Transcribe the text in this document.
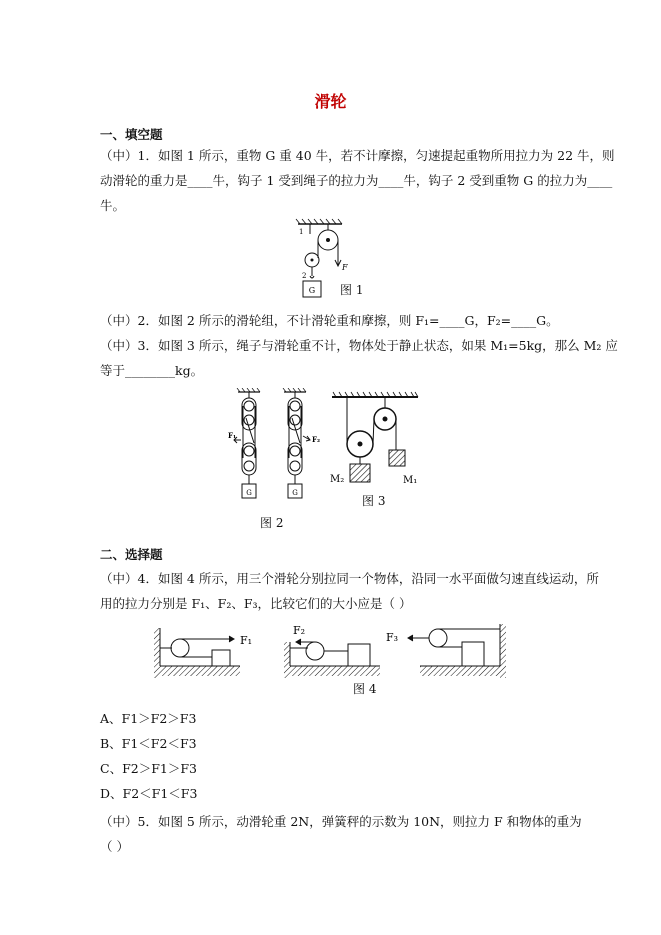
滑轮
一、填空题
（中）1．如图 1 所示，重物 G 重 40 牛，若不计摩擦，匀速提起重物所用拉力为 22 牛，则
动滑轮的重力是____牛，钩子 1 受到绳子的拉力为____牛，钩子 2 受到重物 G 的拉力为____
牛。
G
1
2
F
图 1
（中）2．如图 2 所示的滑轮组，不计滑轮重和摩擦，则 F₁=____G，F₂=____G。
（中）3．如图 3 所示，绳子与滑轮重不计，物体处于静止状态，如果 M₁=5kg，那么 M₂ 应
等于________kg。
G
F₁
G
F₂
图 2
M₂	M₁
图 3
二、选择题
（中）4．如图 4 所示，用三个滑轮分别拉同一个物体，沿同一水平面做匀速直线运动，所
用的拉力分别是 F₁、F₂、F₃，比较它们的大小应是（ ）
F₁
F₂
F₃
图 4
A、F1＞F2＞F3
B、F1＜F2＜F3
C、F2＞F1＞F3
D、F2＜F1＜F3
（中）5．如图 5 所示，动滑轮重 2N，弹簧秤的示数为 10N，则拉力 F 和物体的重为
（ ）
